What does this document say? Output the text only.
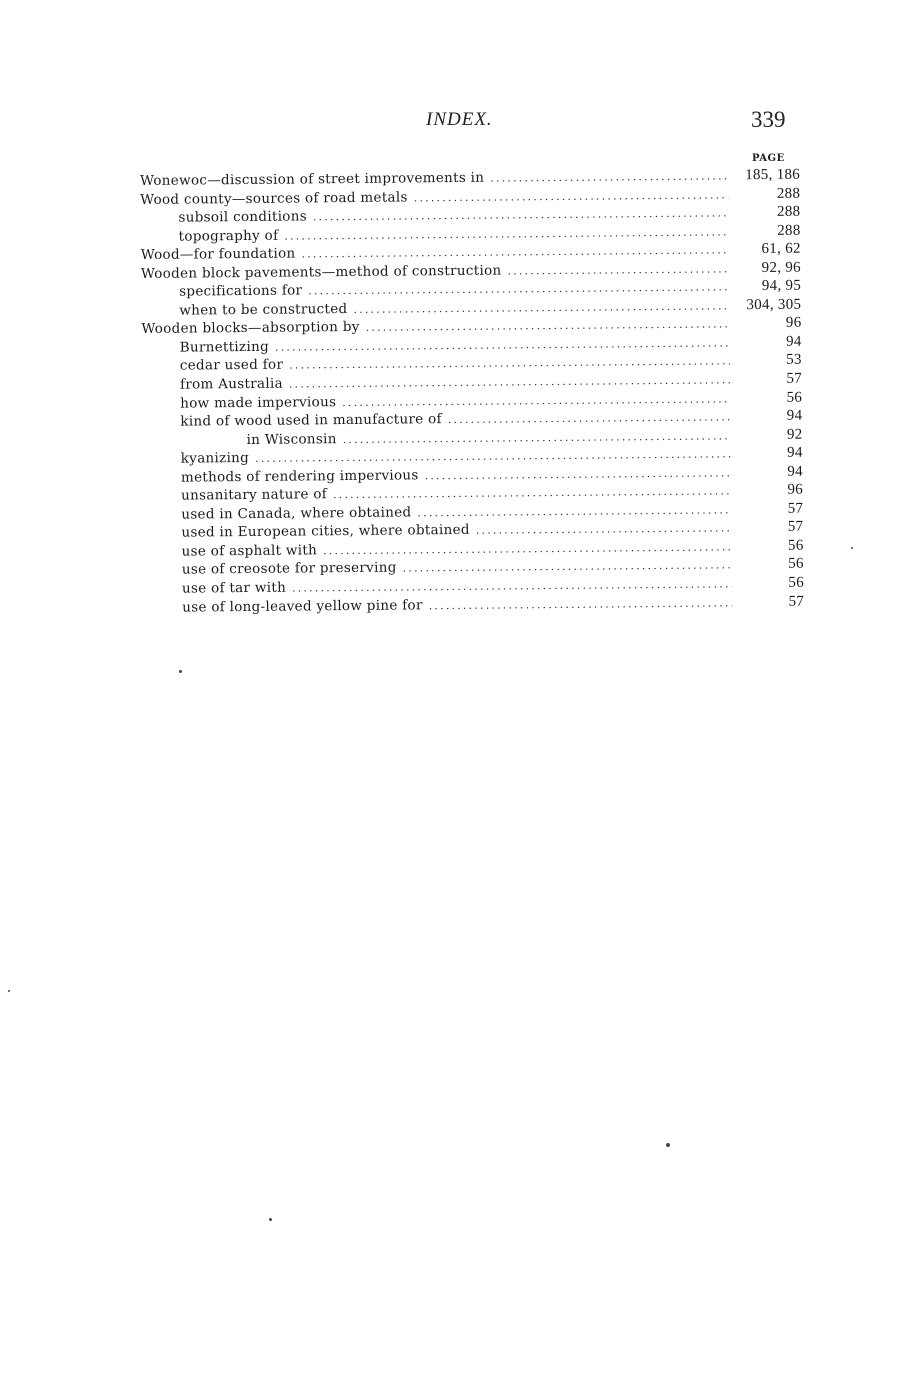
INDEX.	339
PAGE
Wonewoc—discussion of street improvements in .....	185, 186
Wood county—sources of road metals .....	288
subsoil conditions .....	288
topography of .....	288
Wood—for foundation .....	61, 62
Wooden block pavements—method of construction .....	92, 96
specifications for .....	94, 95
when to be constructed .....	304, 305
Wooden blocks—absorption by .....	96
Burnettizing .....	94
cedar used for .....	53
from Australia .....	57
how made impervious .....	56
kind of wood used in manufacture of .....	94
in Wisconsin .....	92
kyanizing .....	94
methods of rendering impervious .....	94
unsanitary nature of .....	96
used in Canada, where obtained .....	57
used in European cities, where obtained .....	57
use of asphalt with .....	56
use of creosote for preserving .....	56
use of tar with .....	56
use of long-leaved yellow pine for .....	57
